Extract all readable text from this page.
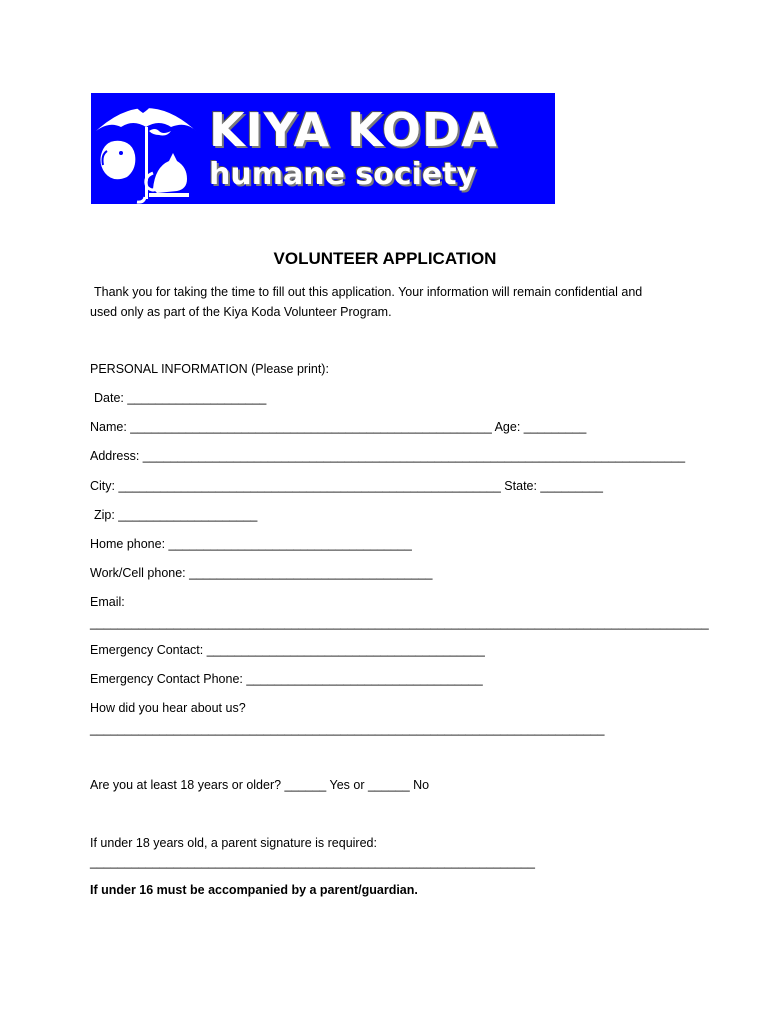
KIYA KODA
humane society
VOLUNTEER APPLICATION
Thank you for taking the time to fill out this application. Your information will remain confidential and
used only as part of the Kiya Koda Volunteer Program.
PERSONAL INFORMATION (Please print):
Date: ____________________
Name: ____________________________________________________ Age: _________
Address: ______________________________________________________________________________
City: _______________________________________________________ State: _________
Zip: ____________________
Home phone: ___________________________________
Work/Cell phone: ___________________________________
Email:
_________________________________________________________________________________________
Emergency Contact: ________________________________________
Emergency Contact Phone: __________________________________
How did you hear about us?
__________________________________________________________________________
Are you at least 18 years or older? ______ Yes or ______ No
If under 18 years old, a parent signature is required:
________________________________________________________________
If under 16 must be accompanied by a parent/guardian.
